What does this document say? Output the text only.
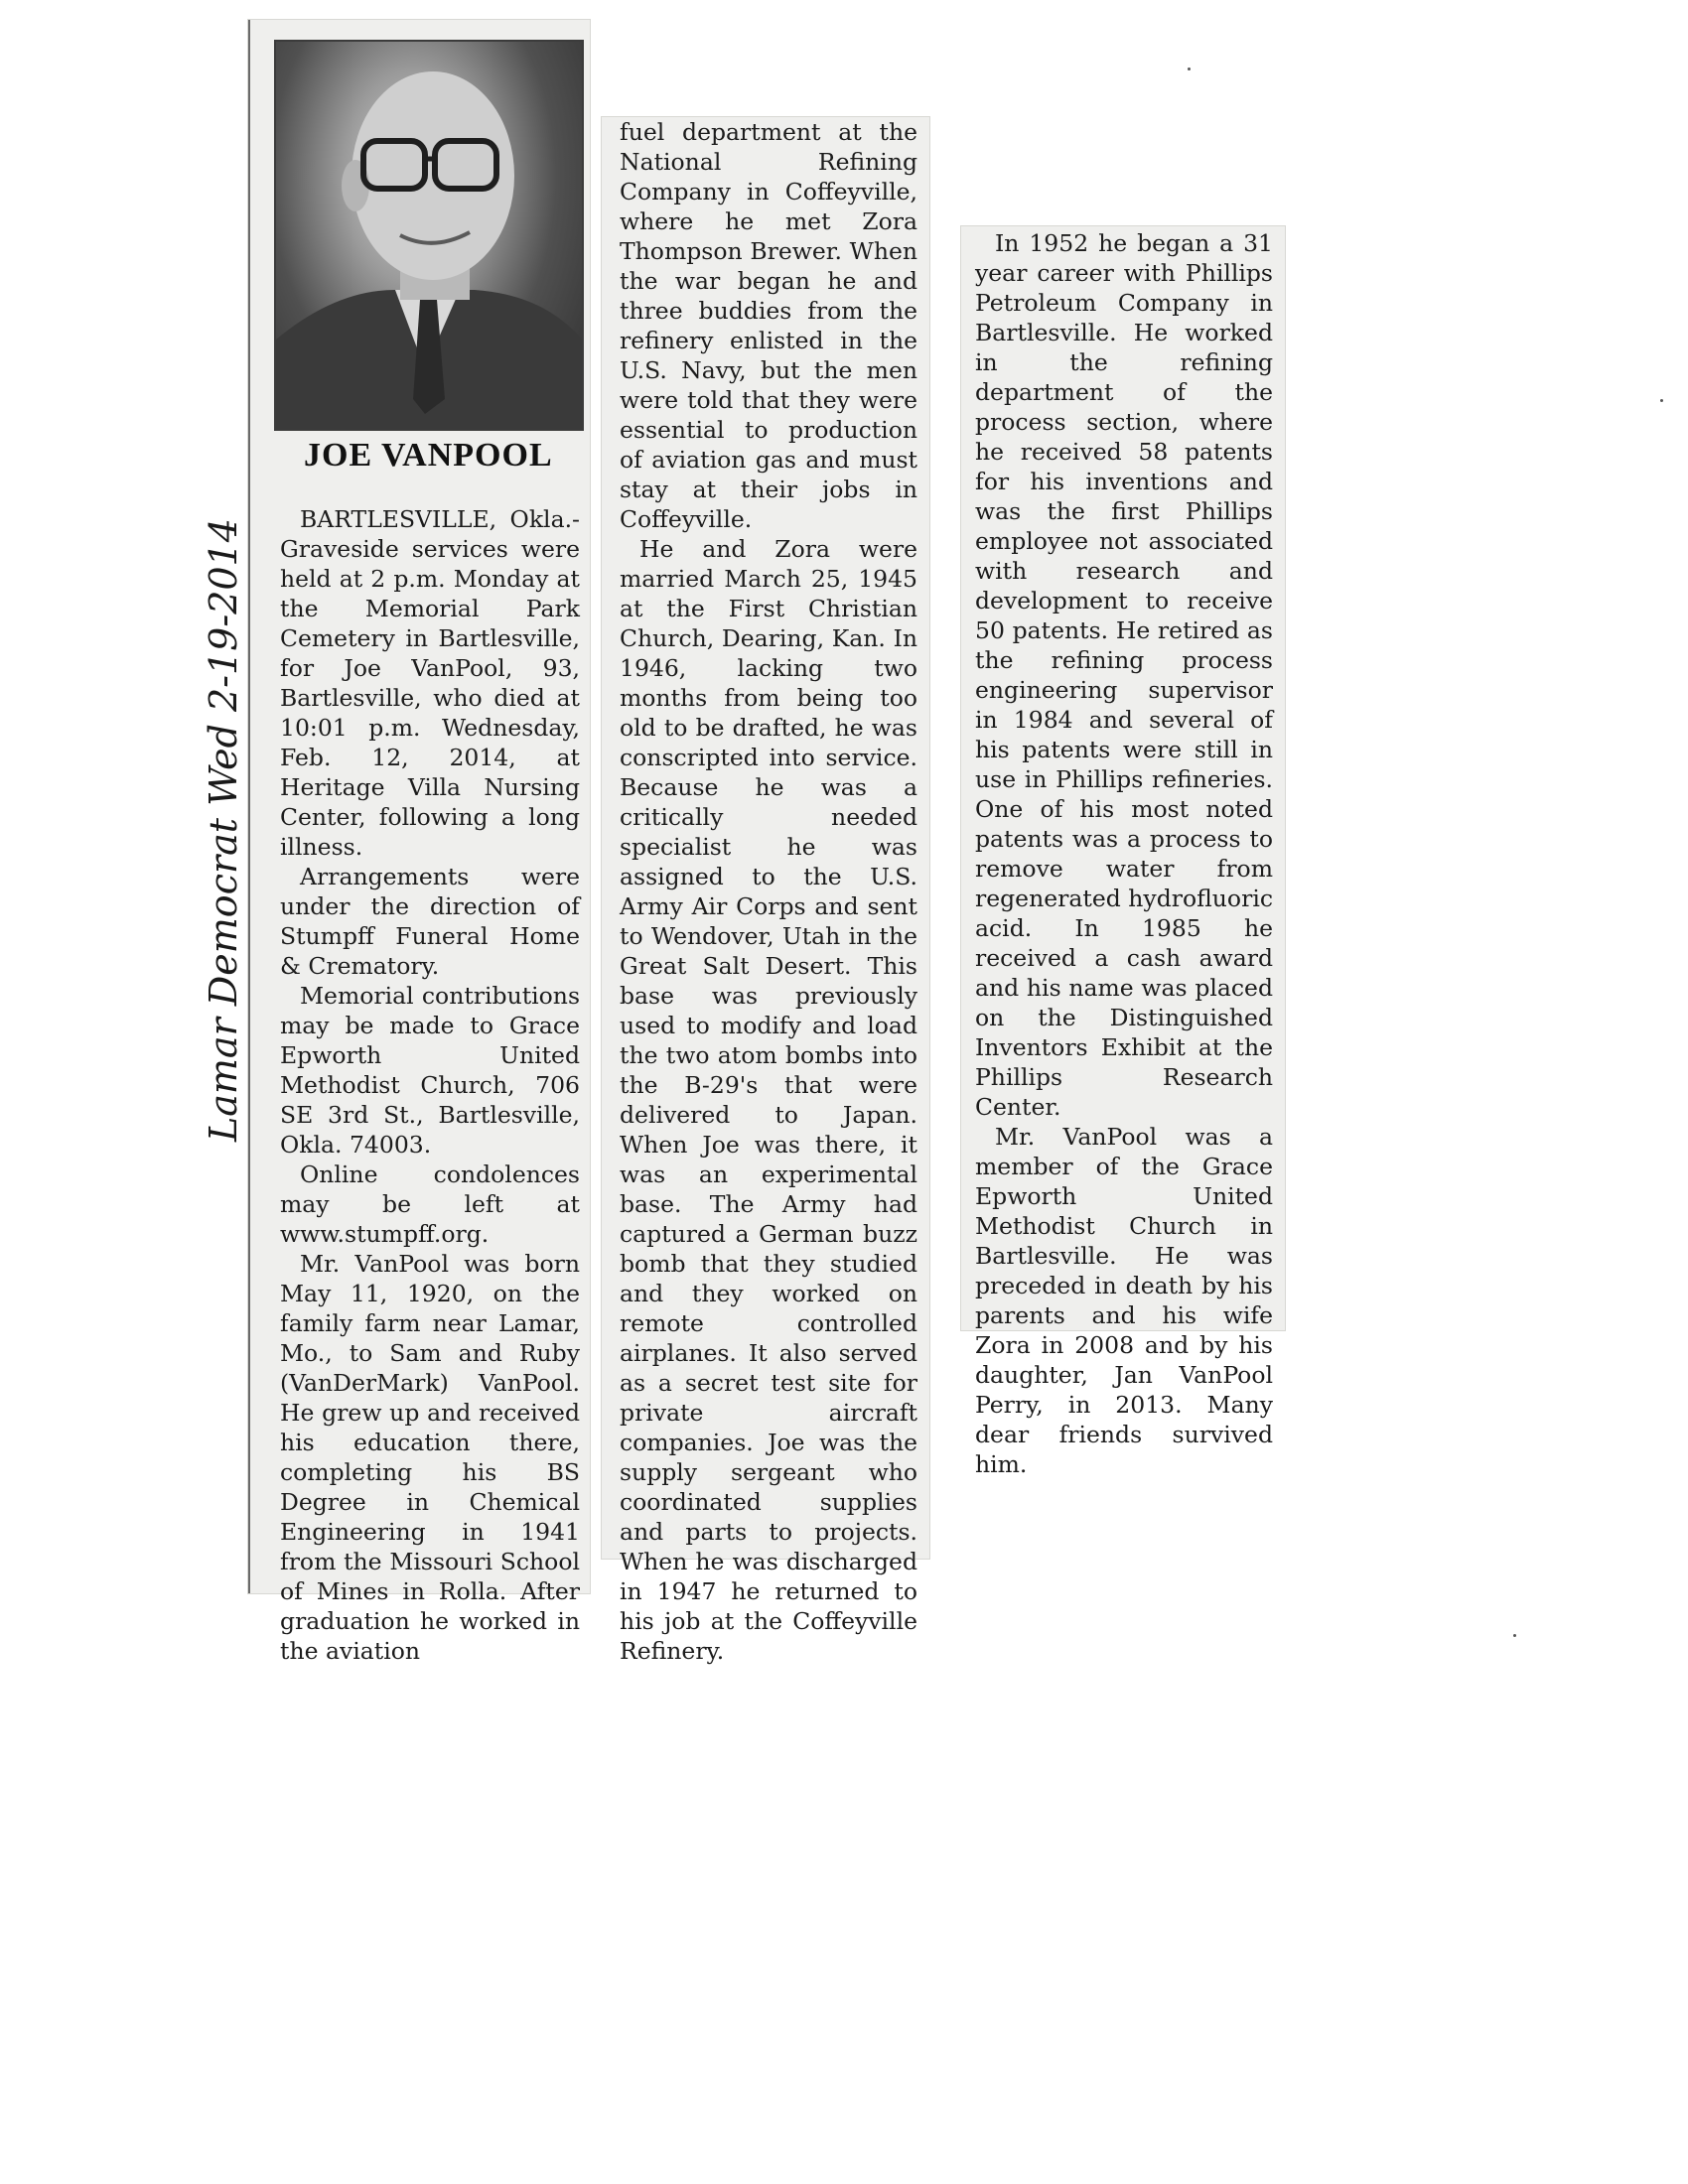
JOE VANPOOL

BARTLESVILLE, Okla.-Graveside services were held at 2 p.m. Monday at the Memorial Park Cemetery in Bartlesville, for Joe VanPool, 93, Bartlesville, who died at 10:01 p.m. Wednesday, Feb. 12, 2014, at Heritage Villa Nursing Center, following a long illness.

Arrangements were under the direction of Stumpff Funeral Home & Crematory.

Memorial contributions may be made to Grace Epworth United Methodist Church, 706 SE 3rd St., Bartlesville, Okla. 74003.

Online condolences may be left at www.stumpff.org.

Mr. VanPool was born May 11, 1920, on the family farm near Lamar, Mo., to Sam and Ruby (VanDerMark) VanPool. He grew up and received his education there, completing his BS Degree in Chemical Engineering in 1941 from the Missouri School of Mines in Rolla. After graduation he worked in the aviation

Lamar Democrat Wed 2-19-2014

fuel department at the National Refining Company in Coffeyville, where he met Zora Thompson Brewer. When the war began he and three buddies from the refinery enlisted in the U.S. Navy, but the men were told that they were essential to production of aviation gas and must stay at their jobs in Coffeyville.

He and Zora were married March 25, 1945 at the First Christian Church, Dearing, Kan. In 1946, lacking two months from being too old to be drafted, he was conscripted into service. Because he was a critically needed specialist he was assigned to the U.S. Army Air Corps and sent to Wendover, Utah in the Great Salt Desert. This base was previously used to modify and load the two atom bombs into the B-29's that were delivered to Japan. When Joe was there, it was an experimental base. The Army had captured a German buzz bomb that they studied and they worked on remote controlled airplanes. It also served as a secret test site for private aircraft companies. Joe was the supply sergeant who coordinated supplies and parts to projects. When he was discharged in 1947 he returned to his job at the Coffeyville Refinery.

In 1952 he began a 31 year career with Phillips Petroleum Company in Bartlesville. He worked in the refining department of the process section, where he received 58 patents for his inventions and was the first Phillips employee not associated with research and development to receive 50 patents. He retired as the refining process engineering supervisor in 1984 and several of his patents were still in use in Phillips refineries. One of his most noted patents was a process to remove water from regenerated hydrofluoric acid. In 1985 he received a cash award and his name was placed on the Distinguished Inventors Exhibit at the Phillips Research Center.

Mr. VanPool was a member of the Grace Epworth United Methodist Church in Bartlesville. He was preceded in death by his parents and his wife Zora in 2008 and by his daughter, Jan VanPool Perry, in 2013. Many dear friends survived him.
